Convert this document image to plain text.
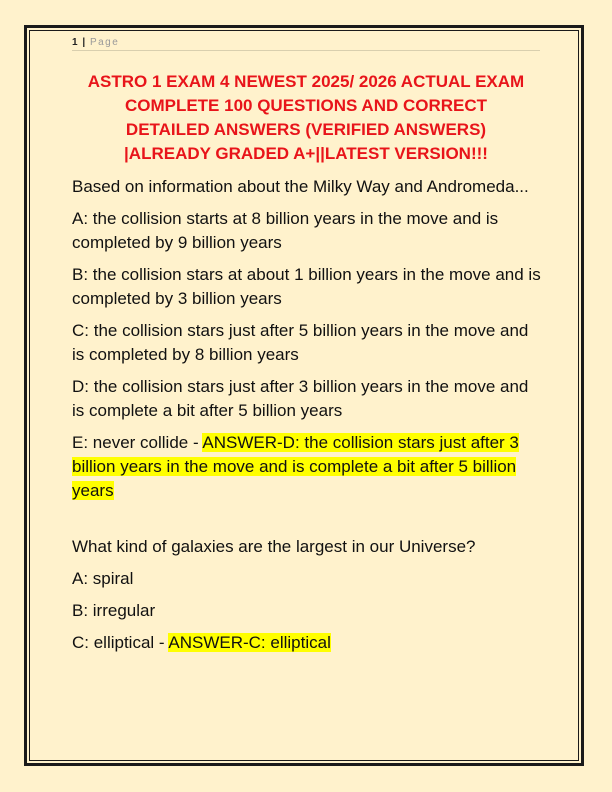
1 | Page
ASTRO 1 EXAM 4 NEWEST 2025/ 2026 ACTUAL EXAM
COMPLETE 100 QUESTIONS AND CORRECT
DETAILED ANSWERS (VERIFIED ANSWERS)
|ALREADY GRADED A+||LATEST VERSION!!!

Based on information about the Milky Way and Andromeda...

A: the collision starts at 8 billion years in the move and is completed by 9 billion years

B: the collision stars at about 1 billion years in the move and is completed by 3 billion years

C: the collision stars just after 5 billion years in the move and is completed by 8 billion years

D: the collision stars just after 3 billion years in the move and is complete a bit after 5 billion years

E: never collide - ANSWER-D: the collision stars just after 3 billion years in the move and is complete a bit after 5 billion years

What kind of galaxies are the largest in our Universe?

A: spiral

B: irregular

C: elliptical - ANSWER-C: elliptical
